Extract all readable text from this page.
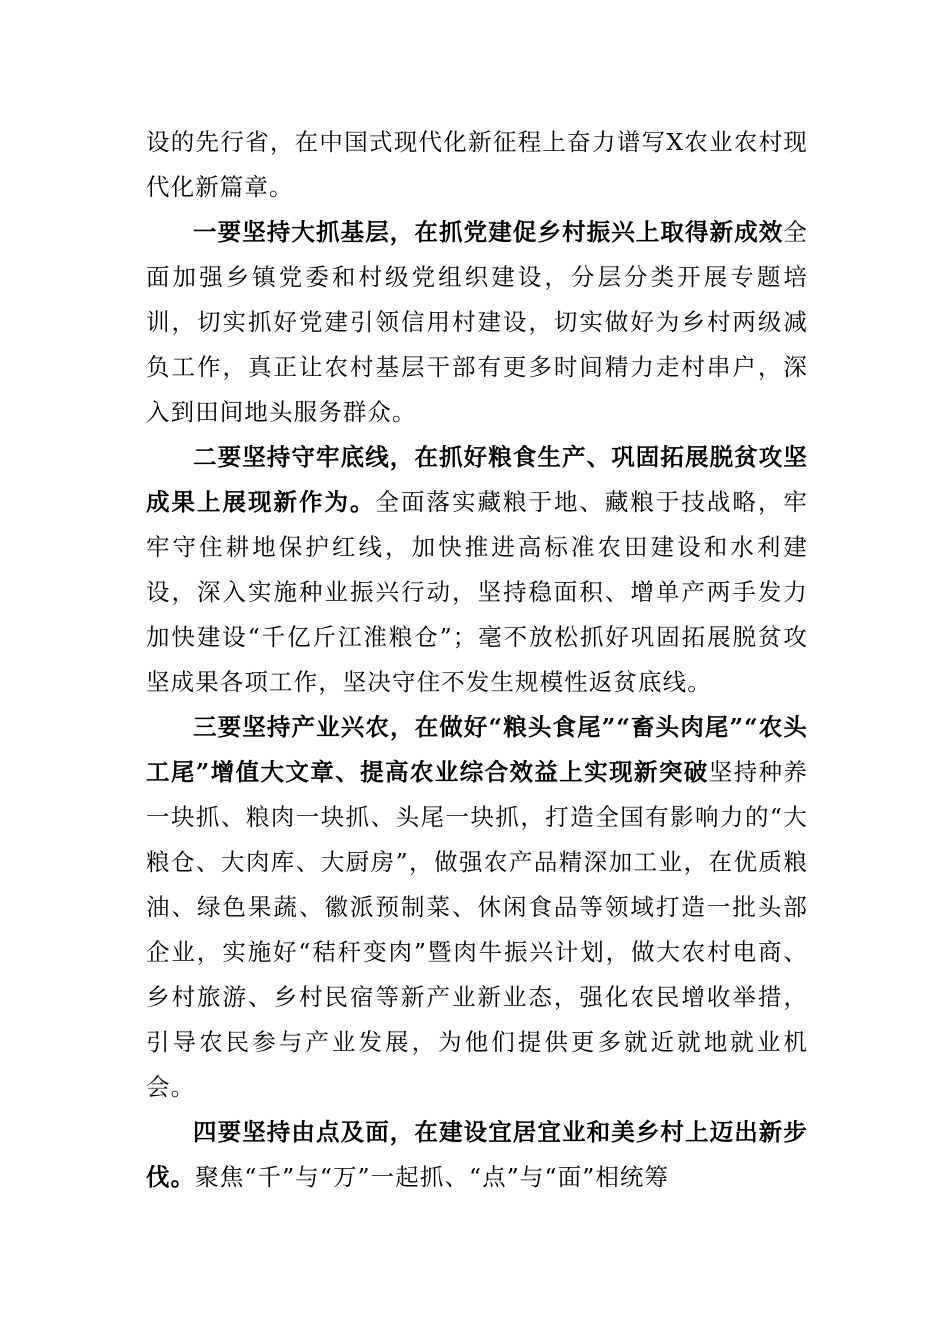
设的先行省，在中国式现代化新征程上奋力谱写X农业农村现代化新篇章。

一要坚持大抓基层，在抓党建促乡村振兴上取得新成效全面加强乡镇党委和村级党组织建设，分层分类开展专题培训，切实抓好党建引领信用村建设，切实做好为乡村两级减负工作，真正让农村基层干部有更多时间精力走村串户，深入到田间地头服务群众。

二要坚持守牢底线，在抓好粮食生产、巩固拓展脱贫攻坚成果上展现新作为。全面落实藏粮于地、藏粮于技战略，牢牢守住耕地保护红线，加快推进高标准农田建设和水利建设，深入实施种业振兴行动，坚持稳面积、增单产两手发力加快建设“千亿斤江淮粮仓”；毫不放松抓好巩固拓展脱贫攻坚成果各项工作，坚决守住不发生规模性返贫底线。

三要坚持产业兴农，在做好“粮头食尾”“畜头肉尾”“农头工尾”增值大文章、提高农业综合效益上实现新突破坚持种养一块抓、粮肉一块抓、头尾一块抓，打造全国有影响力的“大粮仓、大肉库、大厨房”，做强农产品精深加工业，在优质粮油、绿色果蔬、徽派预制菜、休闲食品等领域打造一批头部企业，实施好“秸秆变肉”暨肉牛振兴计划，做大农村电商、乡村旅游、乡村民宿等新产业新业态，强化农民增收举措，引导农民参与产业发展，为他们提供更多就近就地就业机会。

四要坚持由点及面，在建设宜居宜业和美乡村上迈出新步伐。聚焦“千”与“万”一起抓、“点”与“面”相统筹
